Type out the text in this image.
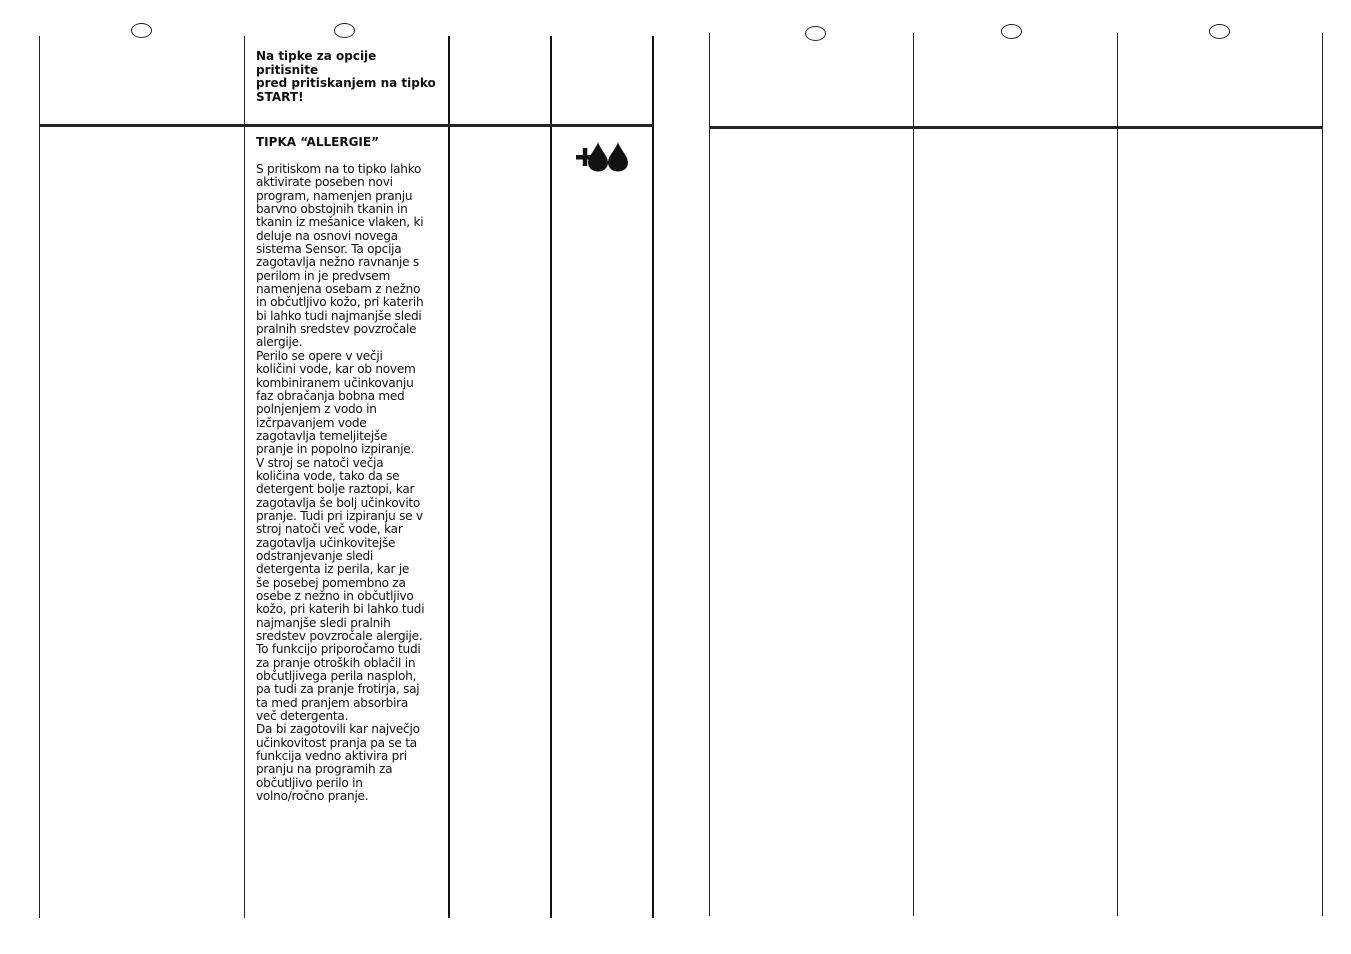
Na tipke za opcije pritisnite
pred pritiskanjem na tipko
START!
TIPKA “ALLERGIE”

S pritiskom na to tipko lahko
aktivirate poseben novi
program, namenjen pranju
barvno obstojnih tkanin in
tkanin iz mešanice vlaken, ki
deluje na osnovi novega
sistema Sensor. Ta opcija
zagotavlja nežno ravnanje s
perilom in je predvsem
namenjena osebam z nežno
in občutljivo kožo, pri katerih
bi lahko tudi najmanjše sledi
pralnih sredstev povzročale
alergije.

Perilo se opere v večji
količini vode, kar ob novem
kombiniranem učinkovanju
faz obračanja bobna med
polnjenjem z vodo in
izčrpavanjem vode
zagotavlja temeljitejše
pranje in popolno izpiranje.
V stroj se natoči večja
količina vode, tako da se
detergent bolje raztopi, kar
zagotavlja še bolj učinkovito
pranje. Tudi pri izpiranju se v
stroj natoči več vode, kar
zagotavlja učinkovitejše
odstranjevanje sledi
detergenta iz perila, kar je
še posebej pomembno za
osebe z nežno in občutljivo
kožo, pri katerih bi lahko tudi
najmanjše sledi pralnih
sredstev povzročale alergije.
To funkcijo priporočamo tudi
za pranje otroških oblačil in
občutljivega perila nasploh,
pa tudi za pranje frotirja, saj
ta med pranjem absorbira
več detergenta.

Da bi zagotovili kar največjo
učinkovitost pranja pa se ta
funkcija vedno aktivira pri
pranju na programih za
občutljivo perilo in
volno/ročno pranje.
